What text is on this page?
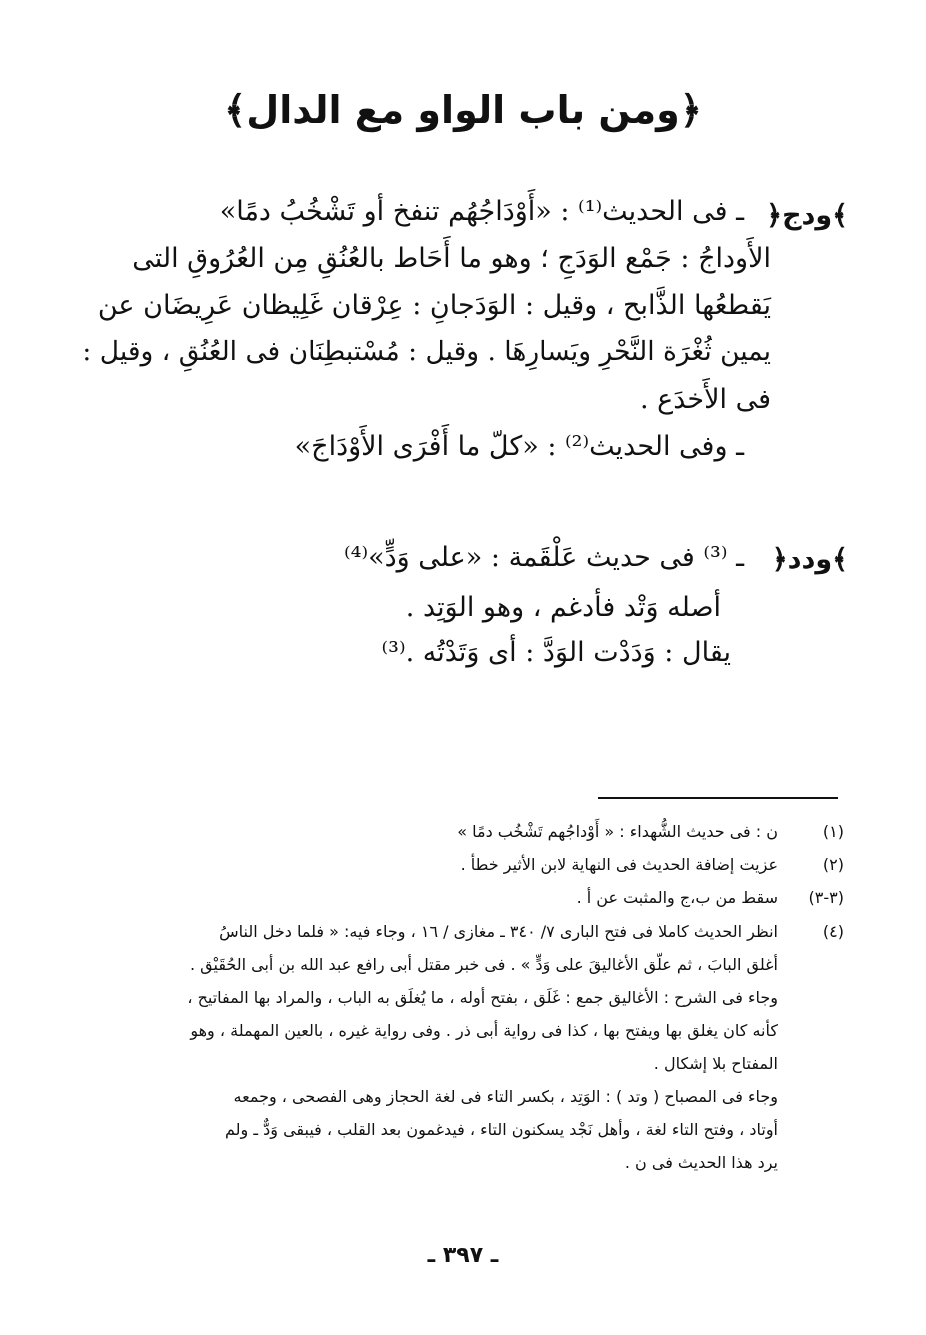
﴿ومن باب الواو مع الدال﴾
﴿ودج﴾
ـ فى الحديث⁽¹⁾ : «أَوْدَاجُهُم تنفخ أو تَشْخُبُ دمًا»
الأَوداجُ : جَمْع الوَدَجِ ؛ وهو ما أَحَاط بالعُنُقِ مِن العُرُوقِ التى
يَقطعُها الذَّابح ، وقيل : الوَدَجانِ : عِرْقان غَلِيظان عَرِيضَان عن
يمين ثُغْرَة النَّحْرِ ويَسارِهَا . وقيل : مُسْتبطِنَان فى العُنُقِ ، وقيل :
فى الأَخدَع .
ـ وفى الحديث⁽²⁾ : «كلّ ما أَفْرَى الأَوْدَاجَ»
﴿ودد﴾
ـ ⁽³⁾ فى حديث عَلْقَمة : «على وَدٍّ»⁽⁴⁾
أصله وَتْد فأدغم ، وهو الوَتِد .
يقال : وَدَدْت الوَدَّ : أى وَتَدْتُه .⁽³⁾
(١)
ن : فى حديث الشُّهداء : « أَوْداجُهم تَشْخُب دمًا »
(٢)
عزيت إضافة الحديث فى النهاية لابن الأثير خطأ .
(٣-٣)
سقط من ب،ج والمثبت عن أ .
(٤)
انظر الحديث كاملا فى فتح البارى ٧/ ٣٤٠ ـ مغازى / ١٦ ، وجاء فيه: « فلما دخل الناسُ
أغلق البابَ ، ثم علّق الأغاليقَ على وَدٍّ » . فى خبر مقتل أبى رافع عبد الله بن أبى الحُقَيْق .
وجاء فى الشرح : الأغاليق جمع : غَلَق ، بفتح أوله ، ما يُغلَق به الباب ، والمراد بها المفاتيح ،
كأنه كان يغلق بها ويفتح بها ، كذا فى رواية أبى ذر . وفى رواية غيره ، بالعين المهملة ، وهو
المفتاح بلا إشكال .
وجاء فى المصباح ( وتد ) : الوَتِد ، بكسر التاء فى لغة الحجاز وهى الفصحى ، وجمعه
أوتاد ، وفتح التاء لغة ، وأهل نَجْد يسكنون التاء ، فيدغمون بعد القلب ، فيبقى وَدٌّ ـ ولم
يرد هذا الحديث فى ن .
ـ ٣٩٧ ـ
